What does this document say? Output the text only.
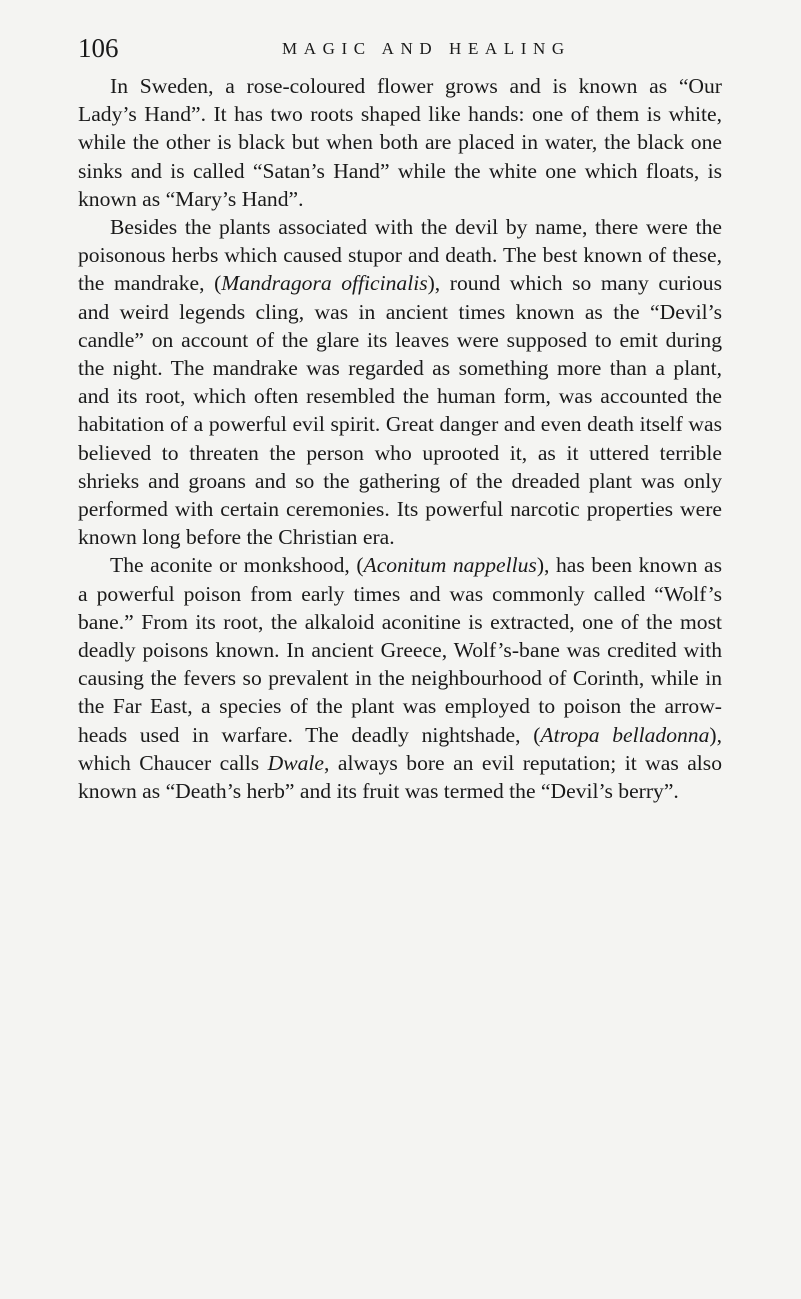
106	MAGIC AND HEALING

In Sweden, a rose-coloured flower grows and is known as “Our Lady’s Hand”. It has two roots shaped like hands: one of them is white, while the other is black but when both are placed in water, the black one sinks and is called “Satan’s Hand” while the white one which floats, is known as “Mary’s Hand”.

Besides the plants associated with the devil by name, there were the poisonous herbs which caused stupor and death. The best known of these, the mandrake, (Mandragora officinalis), round which so many curious and weird legends cling, was in ancient times known as the “Devil’s candle” on account of the glare its leaves were supposed to emit during the night. The mandrake was regarded as something more than a plant, and its root, which often resembled the human form, was accounted the habitation of a powerful evil spirit. Great danger and even death itself was believed to threaten the person who uprooted it, as it uttered terrible shrieks and groans and so the gathering of the dreaded plant was only performed with certain ceremonies. Its powerful narcotic properties were known long before the Christian era.

The aconite or monkshood, (Aconitum nappellus), has been known as a powerful poison from early times and was commonly called “Wolf’s bane.” From its root, the alkaloid aconitine is extracted, one of the most deadly poisons known. In ancient Greece, Wolf’s-bane was credited with causing the fevers so prevalent in the neighbourhood of Corinth, while in the Far East, a species of the plant was employed to poison the arrow-heads used in warfare. The deadly nightshade, (Atropa belladonna), which Chaucer calls Dwale, always bore an evil reputation; it was also known as “Death’s herb” and its fruit was termed the “Devil’s berry”.
